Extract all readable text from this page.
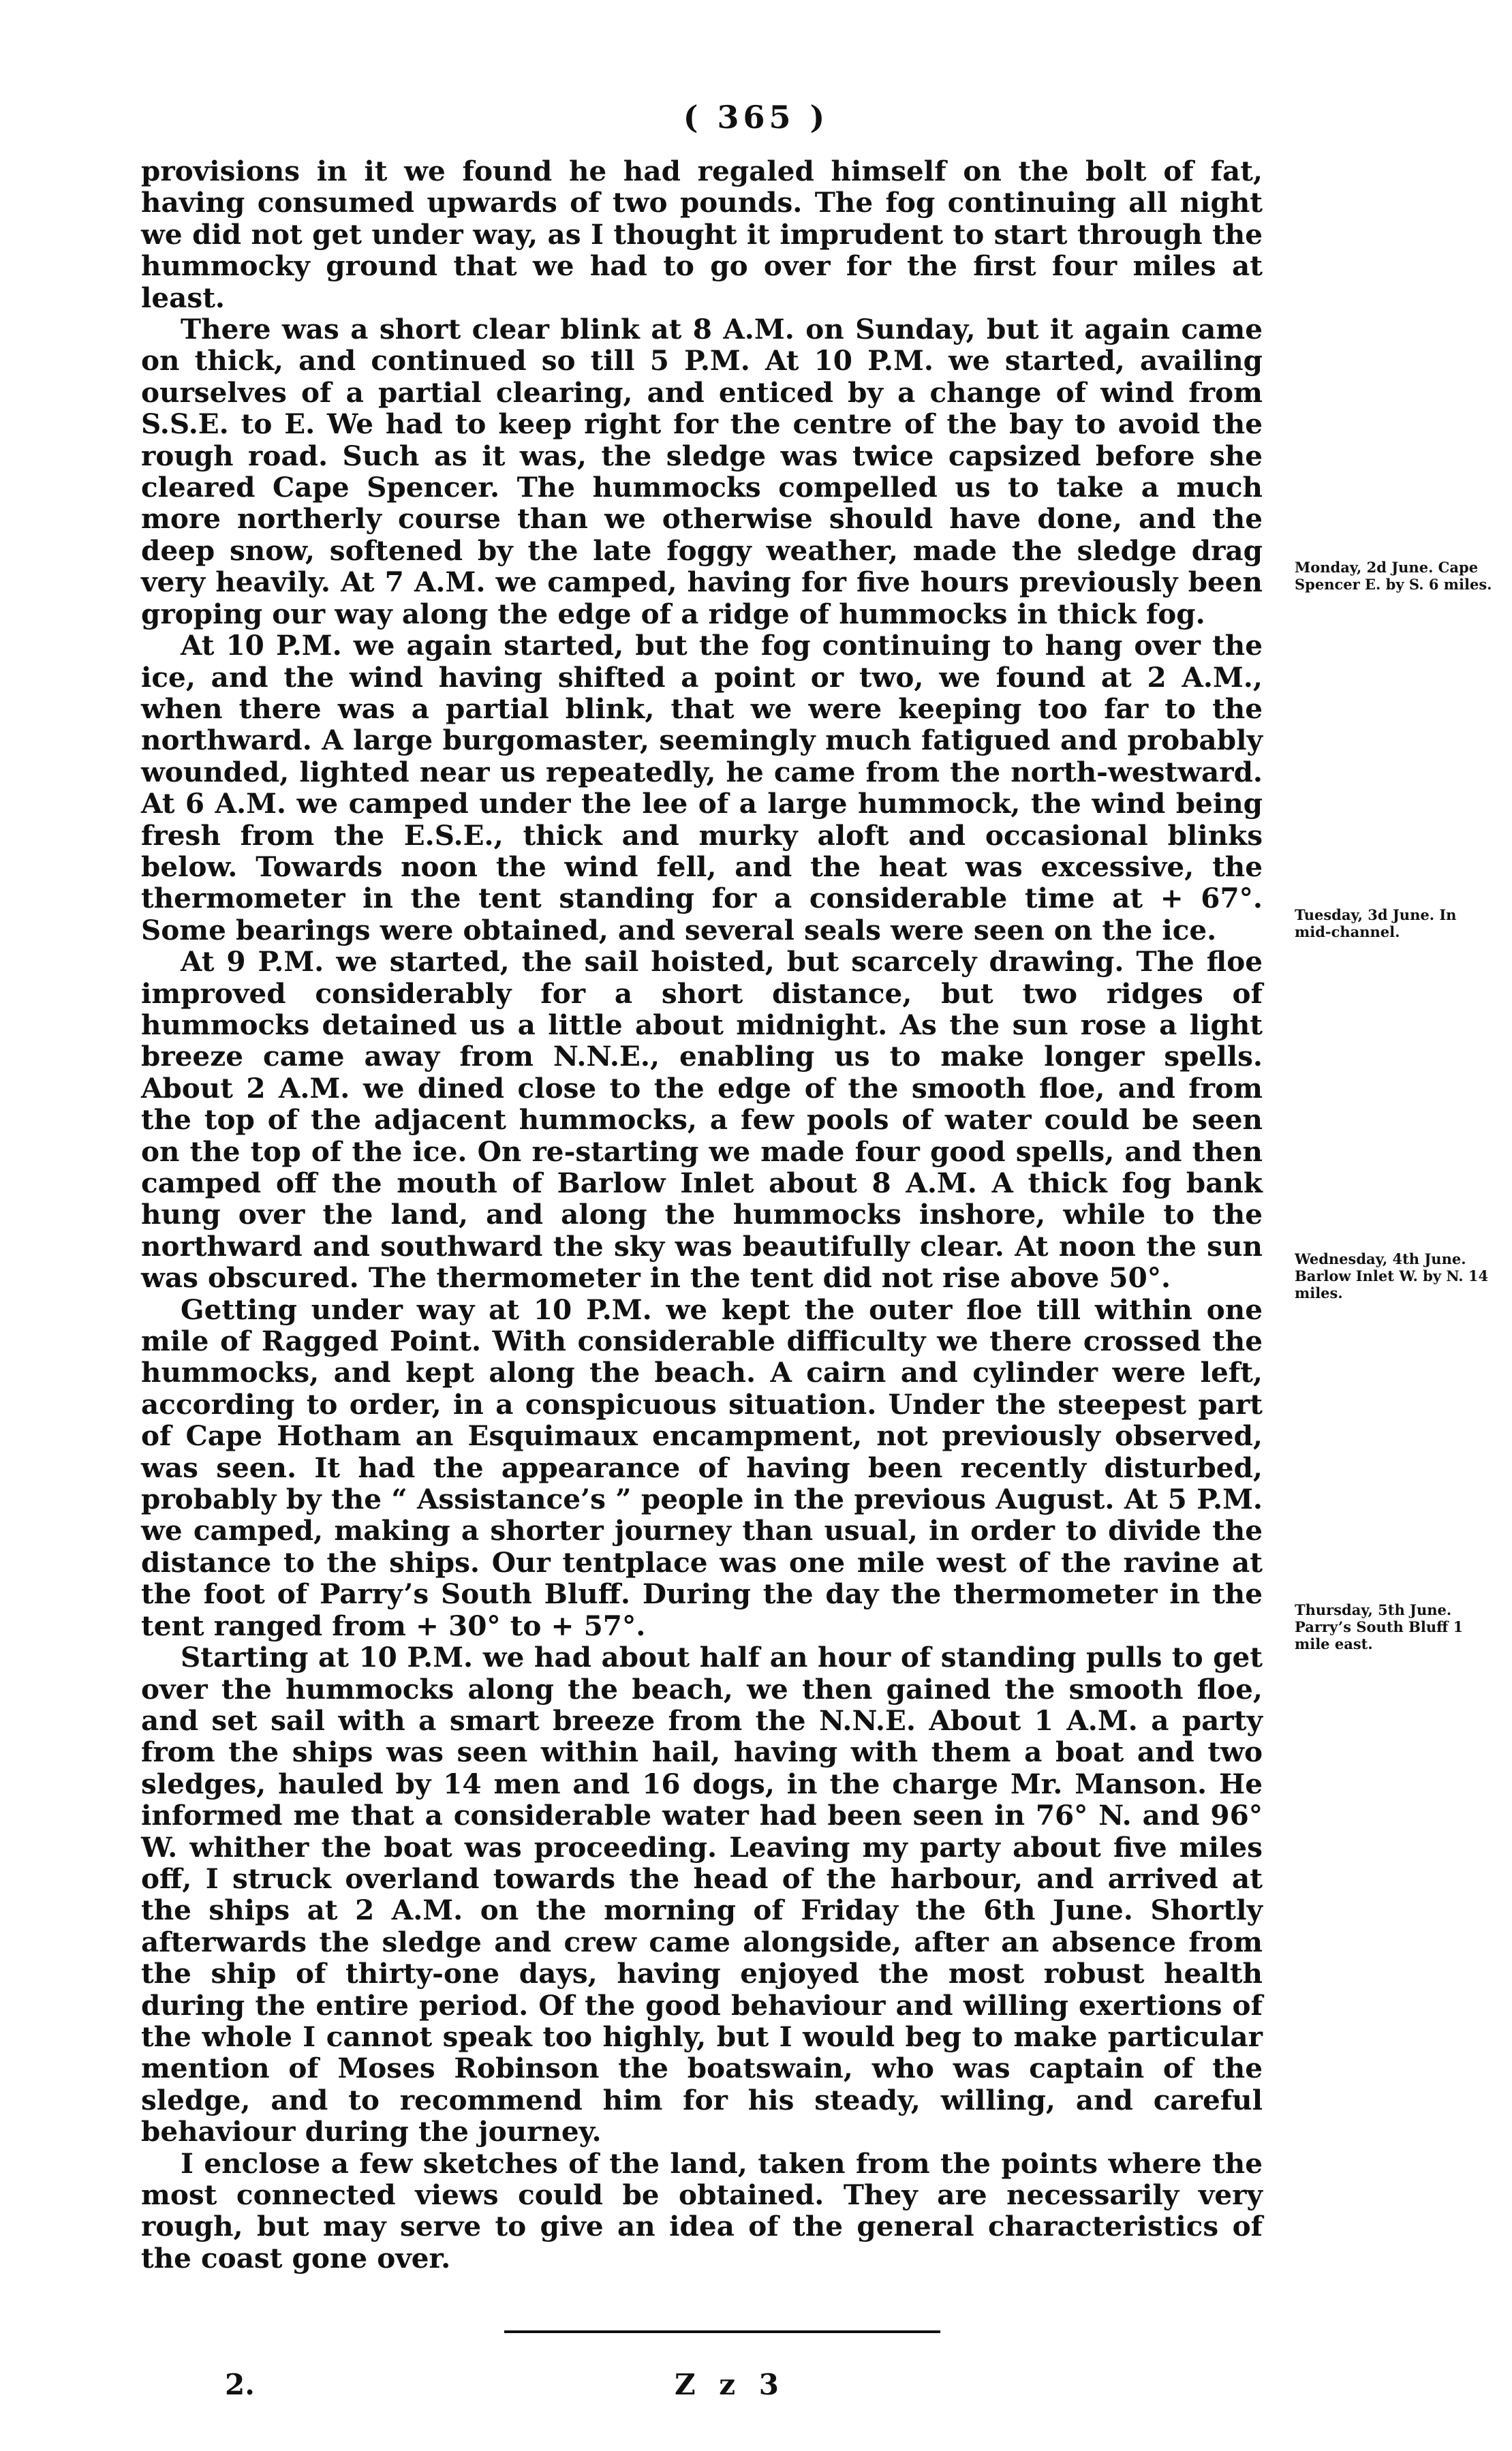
( 365 )

provisions in it we found he had regaled himself on the bolt of fat, having consumed upwards of two pounds. The fog continuing all night we did not get under way, as I thought it imprudent to start through the hummocky ground that we had to go over for the first four miles at least.

There was a short clear blink at 8 A.M. on Sunday, but it again came on thick, and continued so till 5 P.M. At 10 P.M. we started, availing ourselves of a partial clearing, and enticed by a change of wind from S.S.E. to E. We had to keep right for the centre of the bay to avoid the rough road. Such as it was, the sledge was twice capsized before she cleared Cape Spencer. The hummocks compelled us to take a much more northerly course than we otherwise should have done, and the deep snow, softened by the late foggy weather, made the sledge drag very heavily. At 7 A.M. we camped, having for five hours previously been groping our way along the edge of a ridge of hummocks in thick fog.

At 10 P.M. we again started, but the fog continuing to hang over the ice, and the wind having shifted a point or two, we found at 2 A.M., when there was a partial blink, that we were keeping too far to the northward. A large burgomaster, seemingly much fatigued and probably wounded, lighted near us repeatedly, he came from the north-westward. At 6 A.M. we camped under the lee of a large hummock, the wind being fresh from the E.S.E., thick and murky aloft and occasional blinks below. Towards noon the wind fell, and the heat was excessive, the thermometer in the tent standing for a considerable time at + 67°. Some bearings were obtained, and several seals were seen on the ice.

At 9 P.M. we started, the sail hoisted, but scarcely drawing. The floe improved considerably for a short distance, but two ridges of hummocks detained us a little about midnight. As the sun rose a light breeze came away from N.N.E., enabling us to make longer spells. About 2 A.M. we dined close to the edge of the smooth floe, and from the top of the adjacent hummocks, a few pools of water could be seen on the top of the ice. On re-starting we made four good spells, and then camped off the mouth of Barlow Inlet about 8 A.M. A thick fog bank hung over the land, and along the hummocks inshore, while to the northward and southward the sky was beautifully clear. At noon the sun was obscured. The thermometer in the tent did not rise above 50°.

Getting under way at 10 P.M. we kept the outer floe till within one mile of Ragged Point. With considerable difficulty we there crossed the hummocks, and kept along the beach. A cairn and cylinder were left, according to order, in a conspicuous situation. Under the steepest part of Cape Hotham an Esquimaux encampment, not previously observed, was seen. It had the appearance of having been recently disturbed, probably by the “ Assistance’s ” people in the previous August. At 5 P.M. we camped, making a shorter journey than usual, in order to divide the distance to the ships. Our tentplace was one mile west of the ravine at the foot of Parry’s South Bluff. During the day the thermometer in the tent ranged from + 30° to + 57°.

Starting at 10 P.M. we had about half an hour of standing pulls to get over the hummocks along the beach, we then gained the smooth floe, and set sail with a smart breeze from the N.N.E. About 1 A.M. a party from the ships was seen within hail, having with them a boat and two sledges, hauled by 14 men and 16 dogs, in the charge Mr. Manson. He informed me that a considerable water had been seen in 76° N. and 96° W. whither the boat was proceeding. Leaving my party about five miles off, I struck overland towards the head of the harbour, and arrived at the ships at 2 A.M. on the morning of Friday the 6th June. Shortly afterwards the sledge and crew came alongside, after an absence from the ship of thirty-one days, having enjoyed the most robust health during the entire period. Of the good behaviour and willing exertions of the whole I cannot speak too highly, but I would beg to make particular mention of Moses Robinson the boatswain, who was captain of the sledge, and to recommend him for his steady, willing, and careful behaviour during the journey.

I enclose a few sketches of the land, taken from the points where the most connected views could be obtained. They are necessarily very rough, but may serve to give an idea of the general characteristics of the coast gone over.

Monday, 2d June. Cape Spencer E. by S. 6 miles.
Tuesday, 3d June. In mid-channel.
Wednesday, 4th June. Barlow Inlet W. by N. 14 miles.
Thursday, 5th June. Parry’s South Bluff 1 mile east.
2.	Z z 3
